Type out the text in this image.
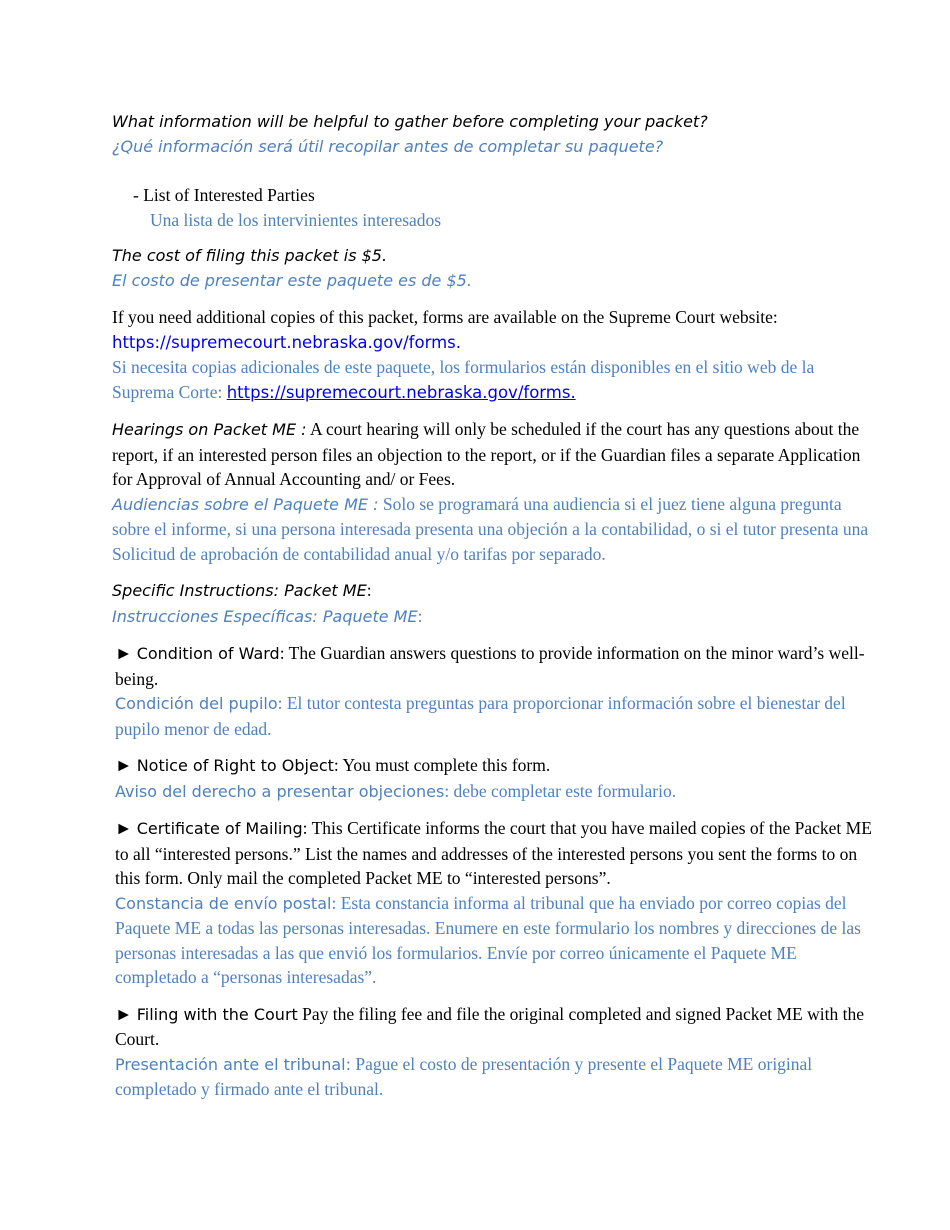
What information will be helpful to gather before completing your packet?
¿Qué información será útil recopilar antes de completar su paquete?
- List of Interested Parties
Una lista de los intervinientes interesados
The cost of filing this packet is $5.
El costo de presentar este paquete es de $5.
If you need additional copies of this packet, forms are available on the Supreme Court website:
https://supremecourt.nebraska.gov/forms.
Si necesita copias adicionales de este paquete, los formularios están disponibles en el sitio web de la Suprema Corte: https://supremecourt.nebraska.gov/forms.
Hearings on Packet ME : A court hearing will only be scheduled if the court has any questions about the report, if an interested person files an objection to the report, or if the Guardian files a separate Application for Approval of Annual Accounting and/ or Fees.
Audiencias sobre el Paquete ME : Solo se programará una audiencia si el juez tiene alguna pregunta sobre el informe, si una persona interesada presenta una objeción a la contabilidad, o si el tutor presenta una Solicitud de aprobación de contabilidad anual y/o tarifas por separado.
Specific Instructions: Packet ME:
Instrucciones Específicas: Paquete ME:
► Condition of Ward: The Guardian answers questions to provide information on the minor ward’s well-being.
Condición del pupilo: El tutor contesta preguntas para proporcionar información sobre el bienestar del pupilo menor de edad.
► Notice of Right to Object: You must complete this form.
Aviso del derecho a presentar objeciones: debe completar este formulario.
► Certificate of Mailing: This Certificate informs the court that you have mailed copies of the Packet ME to all “interested persons.” List the names and addresses of the interested persons you sent the forms to on this form. Only mail the completed Packet ME to “interested persons”.
Constancia de envío postal: Esta constancia informa al tribunal que ha enviado por correo copias del Paquete ME a todas las personas interesadas. Enumere en este formulario los nombres y direcciones de las personas interesadas a las que envió los formularios. Envíe por correo únicamente el Paquete ME completado a “personas interesadas”.
► Filing with the Court Pay the filing fee and file the original completed and signed Packet ME with the Court.
Presentación ante el tribunal: Pague el costo de presentación y presente el Paquete ME original completado y firmado ante el tribunal.
